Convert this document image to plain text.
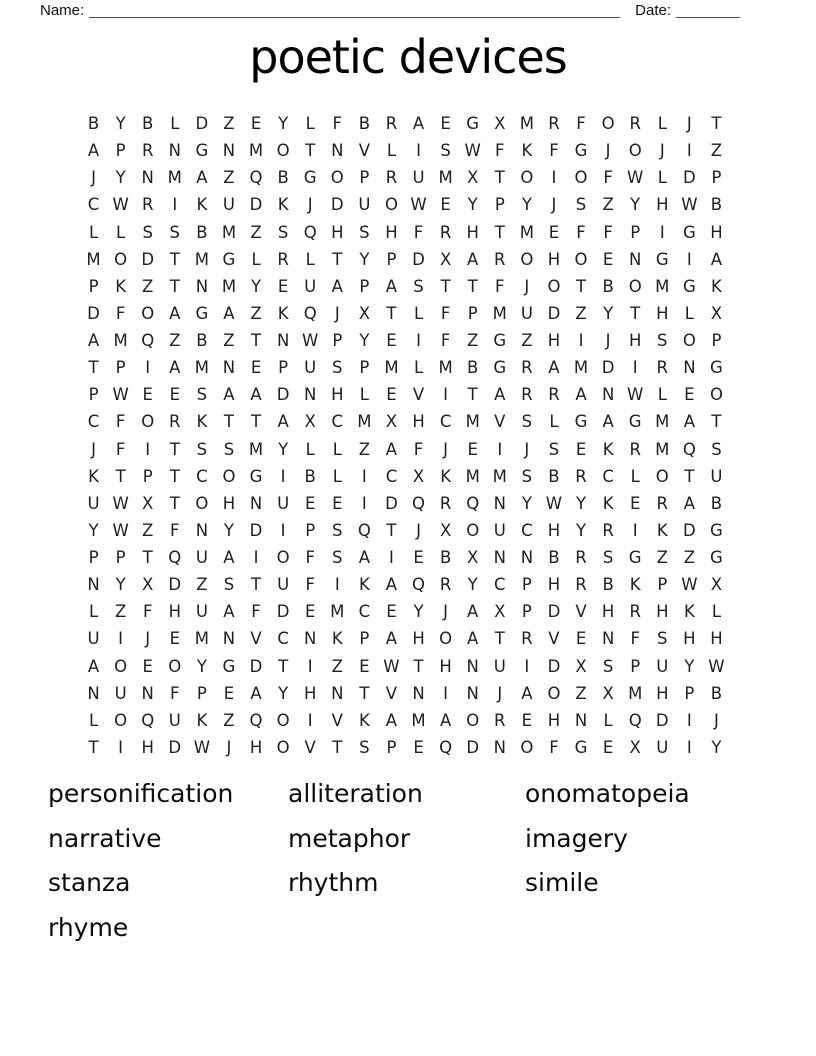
Name:	Date:
poetic devices
B Y B	L D Z E	Y	L	F	B R A E G X M R	F O R	L	J	T
A P R N G N M O T N V	L	I	S W F	K	F G	J	O	J	I	Z
J	Y N M A Z Q B G O P R U M X T O	I	O F W L D P
C W R	I	K U D K	J	D U O W E	Y	P	Y	J	S Z Y H W B
L	L	S	S B M Z S Q H S H F	R H T M E	F	F	P	I	G H
M O D T M G L	R	L	T	Y	P D X A R O H O E N G	I	A
P	K Z T N M Y	E U A P A S	T	T	F	J	O T B O M G K
D F O A G A Z K Q	J	X T	L	F	P M U D Z Y	T H L	X
A M Q Z B Z T N W P	Y	E	I	F	Z G Z H	I	J	H S O P
T	P	I	A M N E	P U S	P M L M B G R A M D	I	R N G
P W E	E	S A A D N H L	E V	I	T A R R A N W L	E O
C	F O R K	T	T A X C M X H C M V S	L G A G M A T
J	F	I	T	S	S M Y	L	L	Z A	F	J	E	I	J	S	E K R M Q S
K	T	P	T C O G	I	B	L	I	C X K M M S B R C	L O T U
U W X T O H N U E	E	I	D Q R Q N Y W Y	K E R A B
Y W Z	F N Y D	I	P	S Q T	J	X O U C H Y R	I	K D G
P	P	T Q U A	I	O F	S A	I	E B X N N B R S G Z Z G
N Y X D Z S	T U F	I	K A Q R Y C P H R B K	P W X
L	Z	F H U A	F D E M C E	Y	J	A X P D V H R H K	L
U	I	J	E M N V C N K	P A H O A T R V E N F	S H H
A O E O Y G D T	I	Z E W T H N U	I	D X S	P U Y W
N U N F	P	E A Y H N T V N	I	N	J	A O Z X M H P B
L O Q U K Z Q O	I	V K A M A O R E H N L Q D	I	J
T	I	H D W J	H O V T	S	P	E Q D N O F G E X U	I	Y
personification
narrative
stanza
rhyme
alliteration
metaphor
rhythm
onomatopeia
imagery
simile
